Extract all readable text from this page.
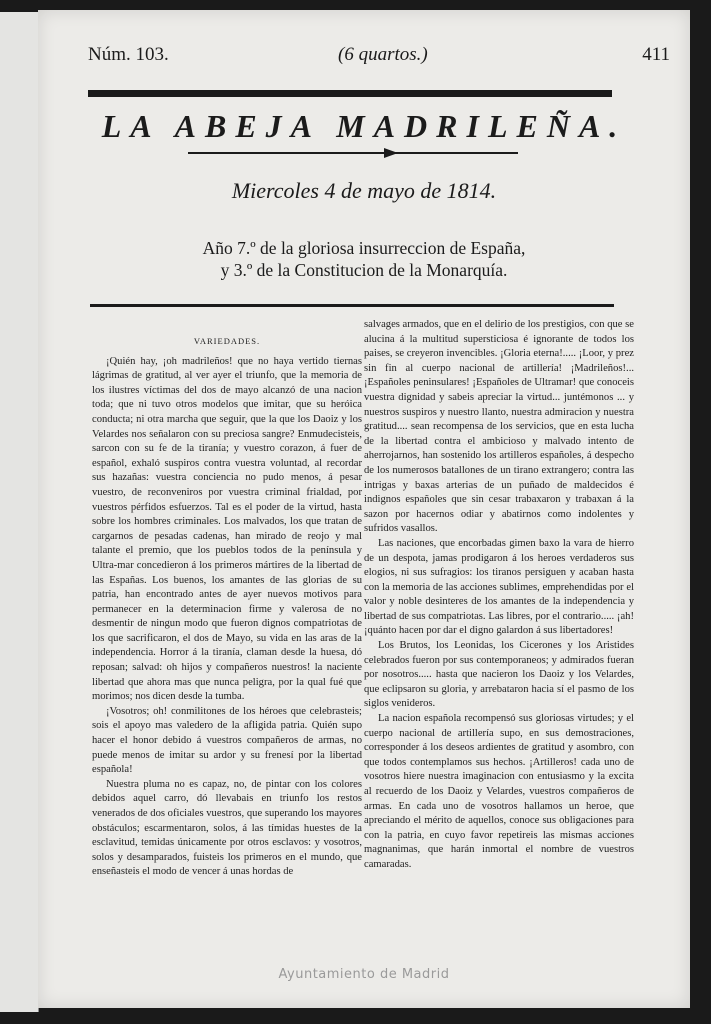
Núm. 103.	(6 quartos.)	411
LA ABEJA MADRILEÑA.
Miercoles 4 de mayo de 1814.
Año 7.º de la gloriosa insurreccion de España,
y 3.º de la Constitucion de la Monarquía.
VARIEDADES.

¡Quién hay, ¡oh madrileños! que no haya vertido tiernas lágrimas de gratitud, al ver ayer el triunfo, que la memoria de los ilustres víctimas del dos de mayo alcanzó de una nacion toda; que ni tuvo otros modelos que imitar, que su heróica conducta; ni otra marcha que seguir, que la que los Daoiz y los Velardes nos señalaron con su preciosa sangre? Enmudecisteis, sarcon con su fe de la tiranía; y vuestro corazon, á fuer de español, exhaló suspiros contra vuestra voluntad, al recordar sus hazañas: vuestra conciencia no pudo menos, á pesar vuestro, de reconveniros por vuestra criminal frialdad, por vuestros pérfidos esfuerzos. Tal es el poder de la virtud, hasta sobre los hombres criminales. Los malvados, los que tratan de cargarnos de pesadas cadenas, han mirado de reojo y mal talante el premio, que los pueblos todos de la península y Ultra-mar concedieron á los primeros mártires de la libertad de las Españas. Los buenos, los amantes de las glorias de su patria, han encontrado antes de ayer nuevos motivos para permanecer en la determinacion firme y valerosa de no desmentir de ningun modo que fueron dignos compatriotas de los que sacrificaron, el dos de Mayo, su vida en las aras de la independencia. Horror á la tiranía, claman desde la huesa, dó reposan; salvad: oh hijos y compañeros nuestros! la naciente libertad que ahora mas que nunca peligra, por la qual fué que morimos; nos dicen desde la tumba.

¡Vosotros; oh! conmilitones de los héroes que celebrasteis; sois el apoyo mas valedero de la afligida patria. Quién supo hacer el honor debido á vuestros compañeros de armas, no puede menos de imitar su ardor y su frenesí por la libertad española!

Nuestra pluma no es capaz, no, de pintar con los colores debidos aquel carro, dó llevabais en triunfo los restos venerados de dos oficiales vuestros, que superando los mayores obstáculos; escarmentaron, solos, á las tímidas huestes de la esclavitud, temidas únicamente por otros esclavos: y vosotros, solos y desamparados, fuisteis los primeros en el mundo, que enseñasteis el modo de vencer á unas hordas de

salvages armados, que en el delirio de los prestigios, con que se alucina á la multitud supersticiosa é ignorante de todos los paises, se creyeron invencibles. ¡Gloria eterna!..... ¡Loor, y prez sin fin al cuerpo nacional de artillería! ¡Madrileños!... ¡Españoles peninsulares! ¡Españoles de Ultramar! que conoceis vuestra dignidad y sabeis apreciar la virtud... juntémonos ... y nuestros suspiros y nuestro llanto, nuestra admiracion y nuestra gratitud.... sean recompensa de los servicios, que en esta lucha de la libertad contra el ambicioso y malvado intento de aherrojarnos, han sostenido los artilleros españoles, á despecho de los numerosos batallones de un tirano extrangero; contra las intrigas y baxas arterias de un puñado de maldecidos é indignos españoles que sin cesar trabaxaron y trabaxan á la sazon por hacernos odiar y abatirnos como indolentes y sufridos vasallos.

Las naciones, que encorbadas gimen baxo la vara de hierro de un despota, jamas prodigaron á los heroes verdaderos sus elogios, ni sus sufragios: los tiranos persiguen y acaban hasta con la memoria de las acciones sublimes, emprehendidas por el valor y noble desinteres de los amantes de la independencia y libertad de sus compatriotas. Las libres, por el contrario..... ¡ah! ¡quánto hacen por dar el digno galardon á sus libertadores!

Los Brutos, los Leonidas, los Cicerones y los Aristides celebrados fueron por sus contemporaneos; y admirados fueran por nosotros..... hasta que nacieron los Daoiz y los Velardes, que eclipsaron su gloria, y arrebataron hacia sí el pasmo de los siglos venideros.

La nacion española recompensó sus gloriosas virtudes; y el cuerpo nacional de artillería supo, en sus demostraciones, corresponder á los deseos ardientes de gratitud y asombro, con que todos contemplamos sus hechos. ¡Artilleros! cada uno de vosotros hiere nuestra imaginacion con entusiasmo y la excita al recuerdo de los Daoiz y Velardes, vuestros compañeros de armas. En cada uno de vosotros hallamos un heroe, que apreciando el mérito de aquellos, conoce sus obligaciones para con la patria, en cuyo favor repetireis las mismas acciones magnanimas, que harán inmortal el nombre de vuestros camaradas.

Ayuntamiento de Madrid
